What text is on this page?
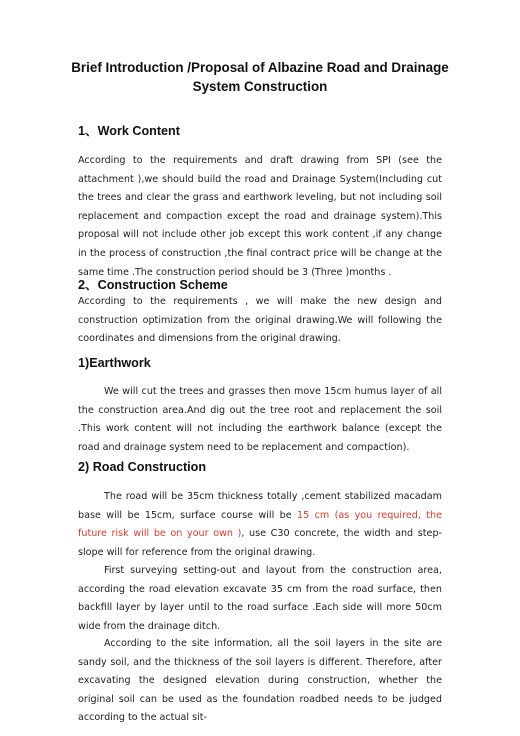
Brief Introduction /Proposal of Albazine Road and Drainage System Construction
1、Work Content
According to the requirements and draft drawing from SPI (see the attachment ),we should build the road and Drainage System(Including cut the trees and clear the grass and earthwork leveling, but not including soil replacement and compaction except the road and drainage system).This proposal will not include other job except this work content ,if any change in the process of construction ,the final contract price will be change at the same time .The construction period should be 3 (Three )months .
2、Construction Scheme
According to the requirements , we will make the new design and construction optimization from the original drawing.We will following the coordinates and dimensions from the original drawing.
1)Earthwork
We will cut the trees and grasses then move 15cm humus layer of all the construction area.And dig out the tree root and replacement the soil .This work content will not including the earthwork balance (except the road and drainage system need to be replacement and compaction).
2) Road Construction
The road will be 35cm thickness totally ,cement stabilized macadam base will be 15cm, surface course will be 15 cm (as you required, the future risk will be on your own ), use C30 concrete, the width and step-slope will for reference from the original drawing.
First surveying setting-out and layout from the construction area, according the road elevation excavate 35 cm from the road surface, then backfill layer by layer until to the road surface .Each side will more 50cm wide from the drainage ditch.
According to the site information, all the soil layers in the site are sandy soil, and the thickness of the soil layers is different. Therefore, after excavating the designed elevation during construction, whether the original soil can be used as the foundation roadbed needs to be judged according to the actual sit-
